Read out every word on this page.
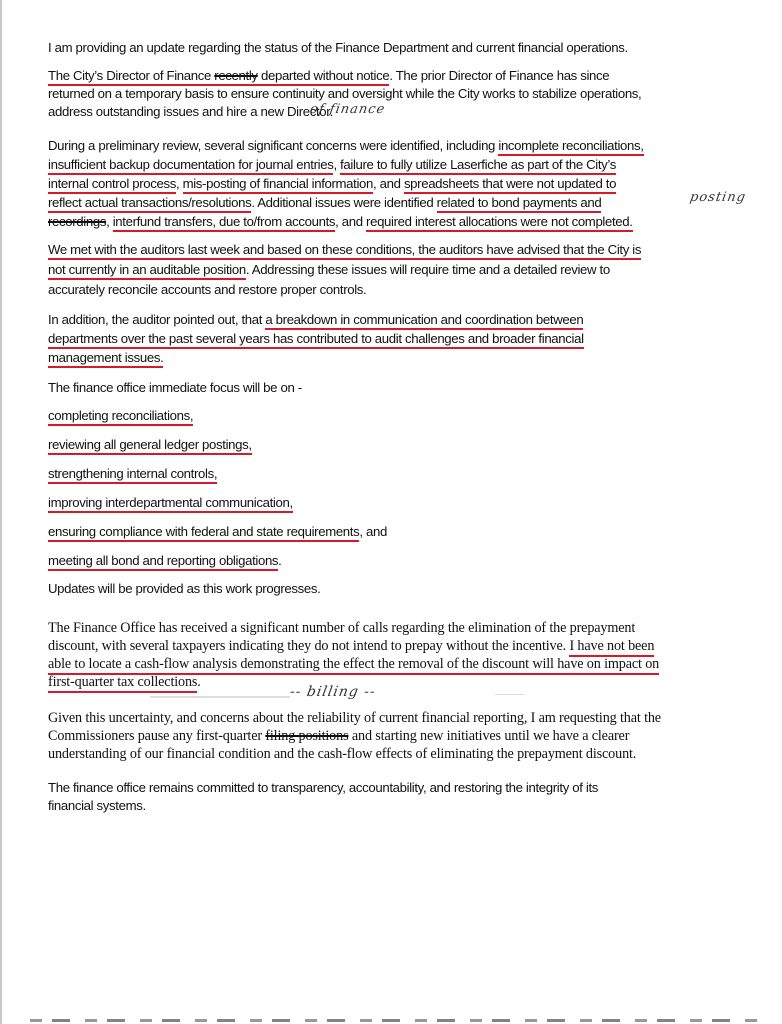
I am providing an update regarding the status of the Finance Department and current financial operations.
The City’s Director of Finance recently departed without notice. The prior Director of Finance has since
returned on a temporary basis to ensure continuity and oversight while the City works to stabilize operations,
address outstanding issues and hire a new Director.
of finance
During a preliminary review, several significant concerns were identified, including incomplete reconciliations,
insufficient backup documentation for journal entries, failure to fully utilize Laserfiche as part of the City’s
internal control process, mis-posting of financial information, and spreadsheets that were not updated to
reflect actual transactions/resolutions. Additional issues were identified related to bond payments and	posting
recordings, interfund transfers, due to/from accounts, and required interest allocations were not completed.
We met with the auditors last week and based on these conditions, the auditors have advised that the City is
not currently in an auditable position. Addressing these issues will require time and a detailed review to
accurately reconcile accounts and restore proper controls.
In addition, the auditor pointed out, that a breakdown in communication and coordination between
departments over the past several years has contributed to audit challenges and broader financial
management issues.
The finance office immediate focus will be on -
completing reconciliations,
reviewing all general ledger postings,
strengthening internal controls,
improving interdepartmental communication,
ensuring compliance with federal and state requirements, and
meeting all bond and reporting obligations.
Updates will be provided as this work progresses.
The Finance Office has received a significant number of calls regarding the elimination of the prepayment
discount, with several taxpayers indicating they do not intend to prepay without the incentive. I have not been
able to locate a cash-flow analysis demonstrating the effect the removal of the discount will have on impact on
first-quarter tax collections.
-- billing --
Given this uncertainty, and concerns about the reliability of current financial reporting, I am requesting that the
Commissioners pause any first-quarter filing positions and starting new initiatives until we have a clearer
understanding of our financial condition and the cash-flow effects of eliminating the prepayment discount.
The finance office remains committed to transparency, accountability, and restoring the integrity of its
financial systems.
